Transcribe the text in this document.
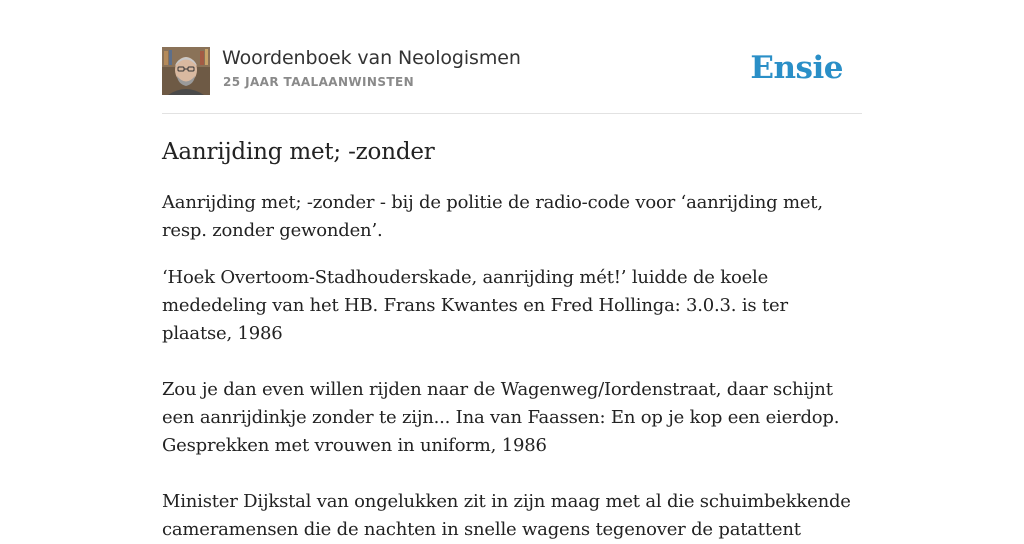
Woordenboek van Neologismen
25 JAAR TAALAANWINSTEN	Ensie
Aanrijding met; -zonder

Aanrijding met; -zonder - bij de politie de radio-code voor ‘aanrijding met, resp. zonder gewonden’.

‘Hoek Overtoom-Stadhouderskade, aanrijding mét!’ luidde de koele mededeling van het HB. Frans Kwantes en Fred Hollinga: 3.0.3. is ter plaatse, 1986

Zou je dan even willen rijden naar de Wagenweg/Iordenstraat, daar schijnt een aanrijdinkje zonder te zijn... Ina van Faassen: En op je kop een eierdop. Gesprekken met vrouwen in uniform, 1986

Minister Dijkstal van ongelukken zit in zijn maag met al die schuimbekkende cameramensen die de nachten in snelle wagens tegenover de patattent
